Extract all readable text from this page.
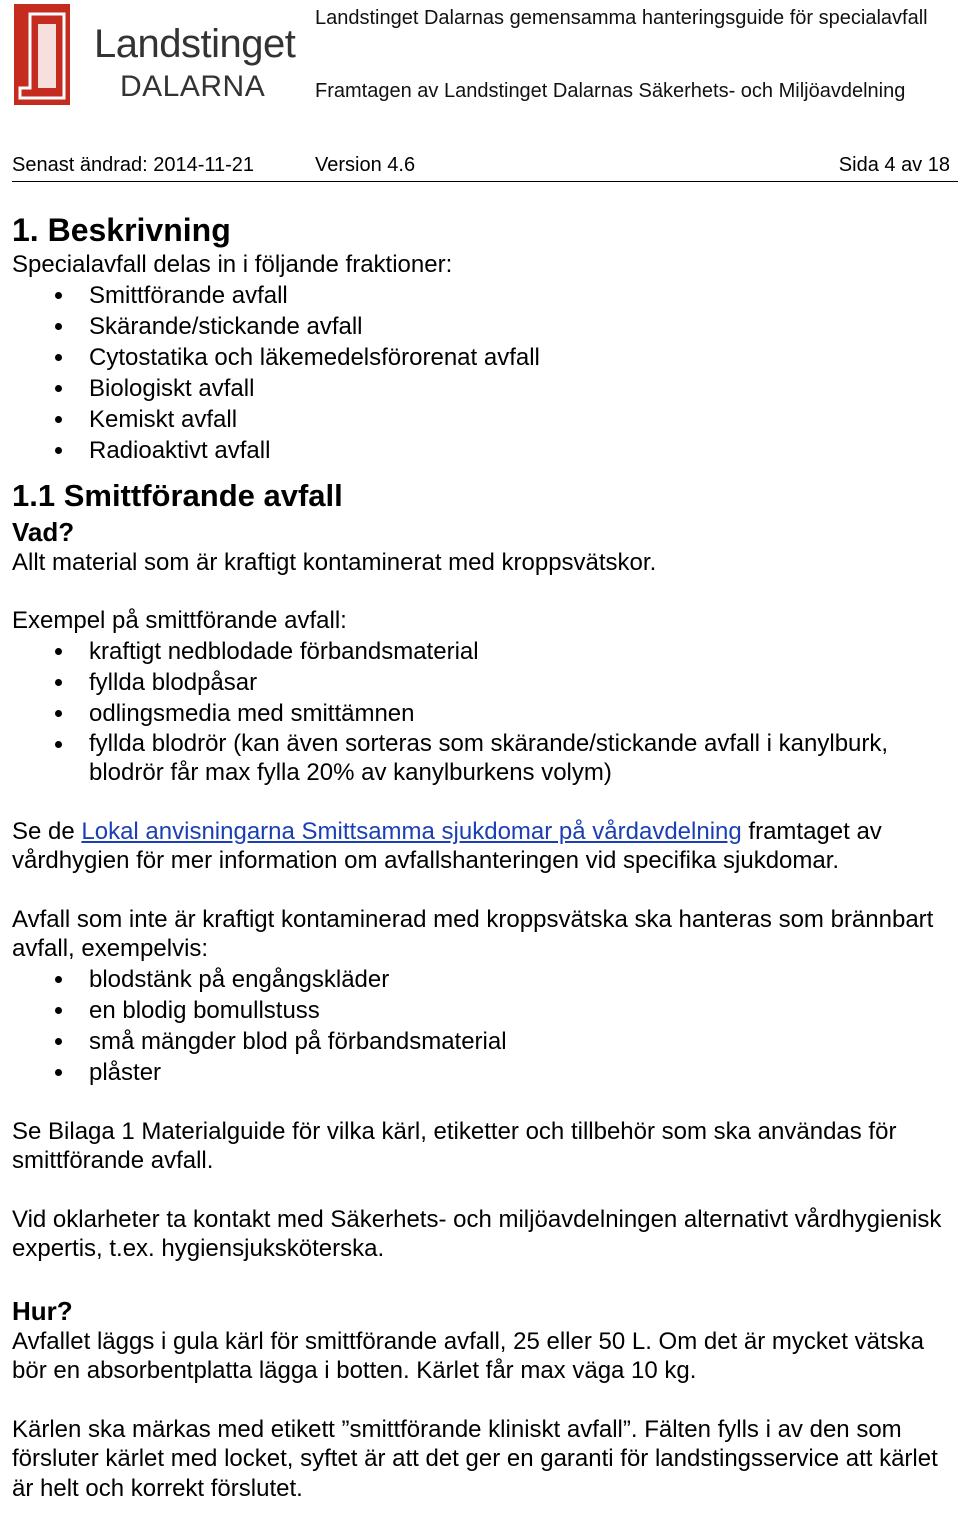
Landstinget
DALARNA
Landstinget Dalarnas gemensamma hanteringsguide för specialavfall
Framtagen av Landstinget Dalarnas Säkerhets- och Miljöavdelning
Senast ändrad: 2014-11-21	Version 4.6	Sida 4 av 18
1. Beskrivning

Specialavfall delas in i följande fraktioner:

Smittförande avfall
Skärande/stickande avfall
Cytostatika och läkemedelsförorenat avfall
Biologiskt avfall
Kemiskt avfall
Radioaktivt avfall
1.1 Smittförande avfall
Vad?

Allt material som är kraftigt kontaminerat med kroppsvätskor.

Exempel på smittförande avfall:

kraftigt nedblodade förbandsmaterial
fyllda blodpåsar
odlingsmedia med smittämnen
fyllda blodrör (kan även sorteras som skärande/stickande avfall i kanylburk, blodrör får max fylla 20% av kanylburkens volym)

Se de Lokal anvisningarna Smittsamma sjukdomar på vårdavdelning framtaget av vårdhygien för mer information om avfallshanteringen vid specifika sjukdomar.

Avfall som inte är kraftigt kontaminerad med kroppsvätska ska hanteras som brännbart avfall, exempelvis:

blodstänk på engångskläder
en blodig bomullstuss
små mängder blod på förbandsmaterial
plåster

Se Bilaga 1 Materialguide för vilka kärl, etiketter och tillbehör som ska användas för smittförande avfall.

Vid oklarheter ta kontakt med Säkerhets- och miljöavdelningen alternativt vårdhygienisk expertis, t.ex. hygiensjuksköterska.

Hur?

Avfallet läggs i gula kärl för smittförande avfall, 25 eller 50 L. Om det är mycket vätska bör en absorbentplatta lägga i botten. Kärlet får max väga 10 kg.

Kärlen ska märkas med etikett ”smittförande kliniskt avfall”. Fälten fylls i av den som försluter kärlet med locket, syftet är att det ger en garanti för landstingsservice att kärlet är helt och korrekt förslutet.
